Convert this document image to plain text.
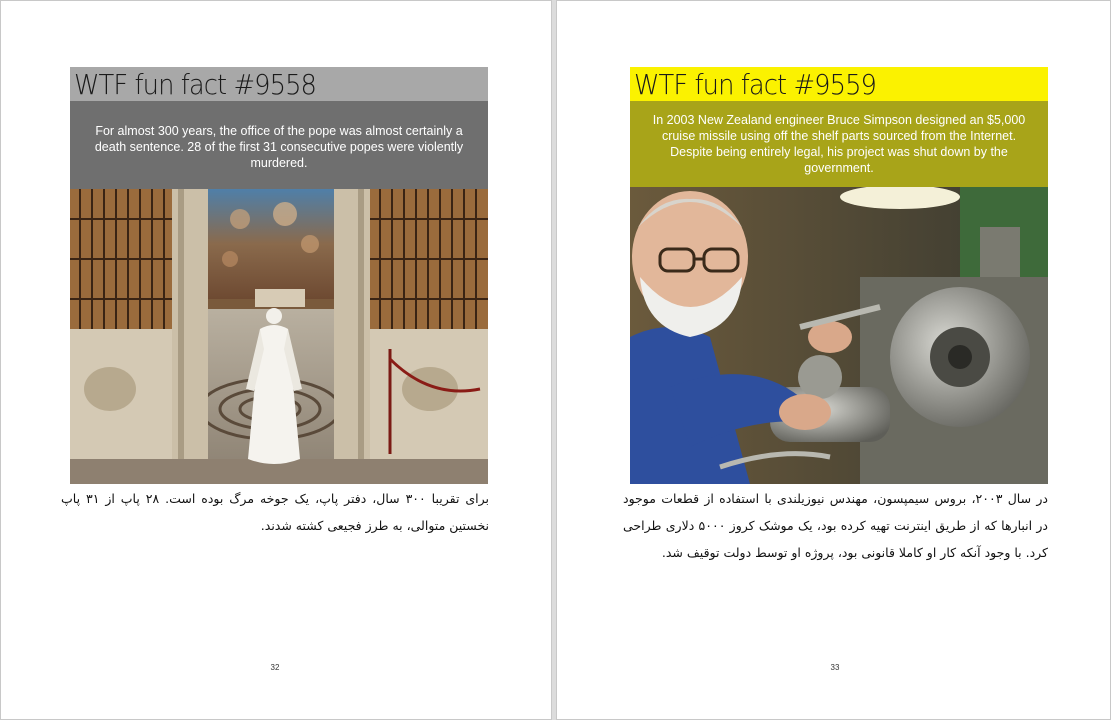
WTF fun fact #9558
For almost 300 years, the office of the pope was almost certainly a death sentence. 28 of the first 31 consecutive popes were violently murdered.

برای تقریبا ۳۰۰ سال، دفتر پاپ، یک جوخه مرگ بوده است. ۲۸ پاپ از ۳۱ پاپ نخستین متوالی، به طرز فجیعی کشته شدند.

32
WTF fun fact #9559
In 2003 New Zealand engineer Bruce Simpson designed an $5,000 cruise missile using off the shelf parts sourced from the Internet. Despite being entirely legal, his project was shut down by the government.

در سال ۲۰۰۳، بروس سیمپسون، مهندس نیوزیلندی با استفاده از قطعات موجود در انبارها که از طریق اینترنت تهیه کرده بود، یک موشک کروز ۵۰۰۰ دلاری طراحی کرد. با وجود آنکه کار او کاملا قانونی بود، پروژه او توسط دولت توقیف شد.

33
